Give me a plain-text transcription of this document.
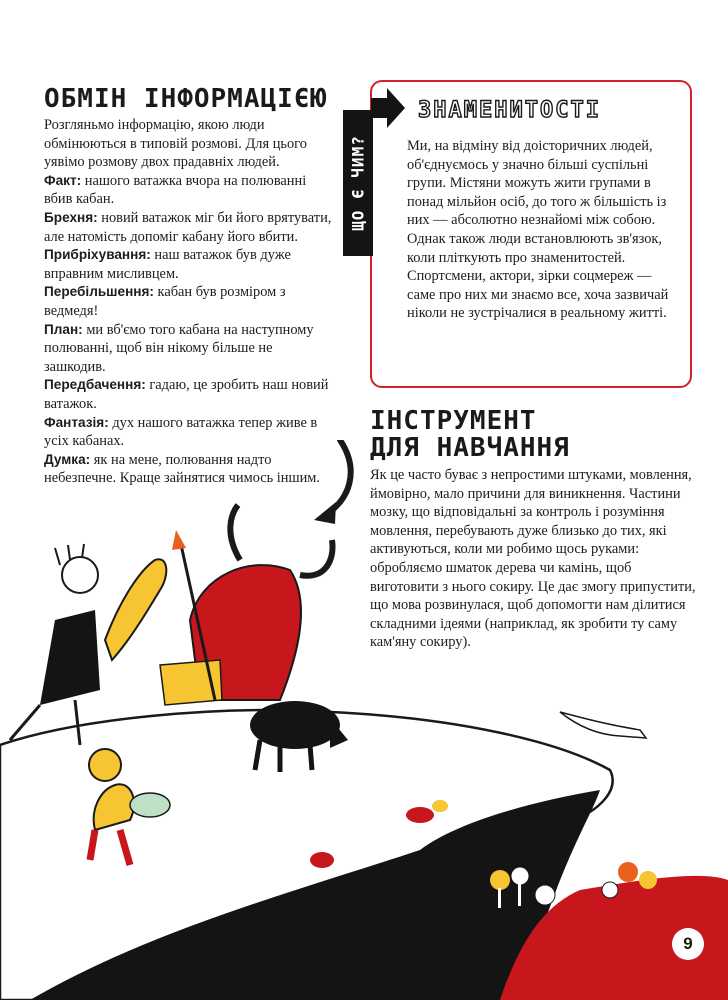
ОБМІН ІНФОРМАЦІЄЮ

Розгляньмо інформацію, якою люди обмінюються в типовій розмові. Для цього уявімо розмову двох прадавніх людей.

Факт: нашого ватажка вчора на полюванні вбив кабан.

Брехня: новий ватажок міг би його врятувати, але натомість допоміг кабану його вбити.

Прибріхування: наш ватажок був дуже вправним мисливцем.

Перебільшення: кабан був розміром з ведмедя!

План: ми вб'ємо того кабана на наступному полюванні, щоб він нікому більше не зашкодив.

Передбачення: гадаю, це зробить наш новий ватажок.

Фантазія: дух нашого ватажка тепер живе в усіх кабанах.

Думка: як на мене, полювання надто небезпечне. Краще зайнятися чимось іншим.

ЩО Є ЧИМ?
ЗНАМЕНИТОСТІ
Ми, на відміну від доісторичних людей, об'єднуємось у значно більші суспільні групи. Містяни можуть жити групами в понад мільйон осіб, до того ж більшість із них — абсолютно незнайомі між собою. Однак також люди встановлюють зв'язок, коли пліткують про знаменитостей. Спортсмени, актори, зірки соцмереж — саме про них ми знаємо все, хоча зазвичай ніколи не зустрічалися в реальному житті.
ІНСТРУМЕНТ
ДЛЯ НАВЧАННЯ
Як це часто буває з непростими штуками, мовлення, ймовірно, мало причини для виникнення. Частини мозку, що відповідальні за контроль і розуміння мовлення, перебувають дуже близько до тих, які активуються, коли ми робимо щось руками: обробляємо шматок дерева чи камінь, щоб виготовити з нього сокиру. Це дає змогу припустити, що мова розвинулася, щоб допомогти нам ділитися складними ідеями (наприклад, як зробити ту саму кам'яну сокиру).
9
